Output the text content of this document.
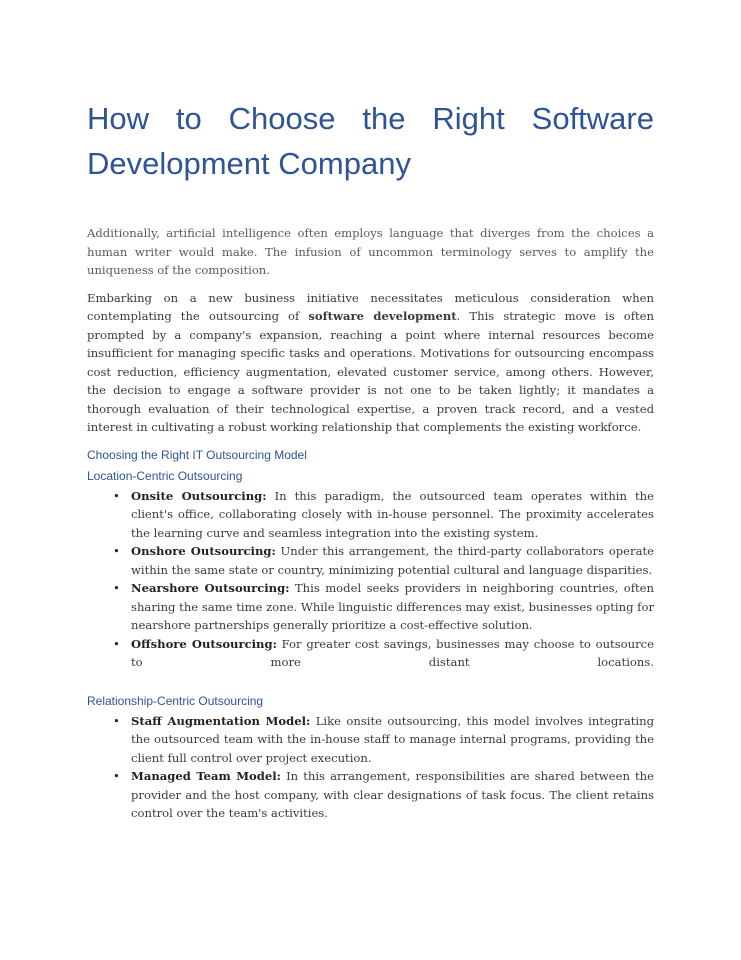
How to Choose the Right Software
Development Company

Additionally, artificial intelligence often employs language that diverges from the choices a human writer would make. The infusion of uncommon terminology serves to amplify the uniqueness of the composition.

Embarking on a new business initiative necessitates meticulous consideration when contemplating the outsourcing of software development. This strategic move is often prompted by a company's expansion, reaching a point where internal resources become insufficient for managing specific tasks and operations. Motivations for outsourcing encompass cost reduction, efficiency augmentation, elevated customer service, among others. However, the decision to engage a software provider is not one to be taken lightly; it mandates a thorough evaluation of their technological expertise, a proven track record, and a vested interest in cultivating a robust working relationship that complements the existing workforce.

Choosing the Right IT Outsourcing Model
Location-Centric Outsourcing
• Onsite Outsourcing: In this paradigm, the outsourced team operates within the client's office, collaborating closely with in-house personnel. The proximity accelerates the learning curve and seamless integration into the existing system.
• Onshore Outsourcing: Under this arrangement, the third-party collaborators operate within the same state or country, minimizing potential cultural and language disparities.
• Nearshore Outsourcing: This model seeks providers in neighboring countries, often sharing the same time zone. While linguistic differences may exist, businesses opting for nearshore partnerships generally prioritize a cost-effective solution.
• Offshore Outsourcing: For greater cost savings, businesses may choose to outsource to more distant locations.
Relationship-Centric Outsourcing
• Staff Augmentation Model: Like onsite outsourcing, this model involves integrating the outsourced team with the in-house staff to manage internal programs, providing the client full control over project execution.
• Managed Team Model: In this arrangement, responsibilities are shared between the provider and the host company, with clear designations of task focus. The client retains control over the team's activities.
